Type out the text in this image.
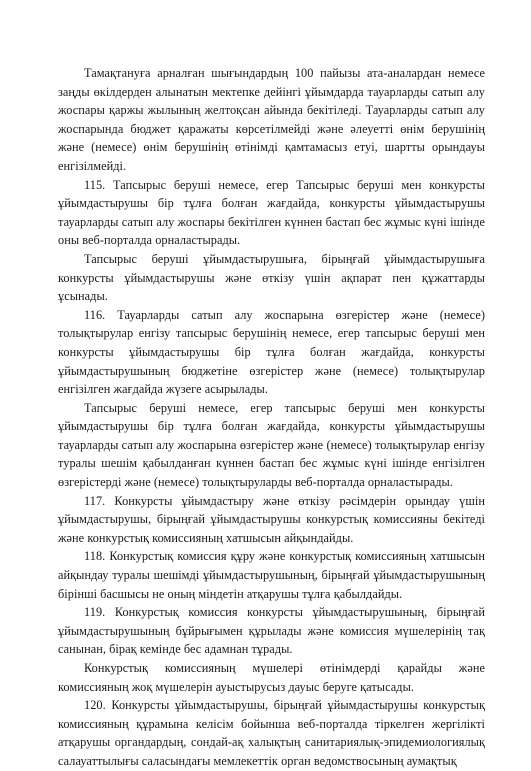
Тамақтануға арналған шығындардың 100 пайызы ата-аналардан немесе заңды өкілдерден алынатын мектепке дейінгі ұйымдарда тауарларды сатып алу жоспары қаржы жылының желтоқсан айында бекітіледі. Тауарларды сатып алу жоспарында бюджет қаражаты көрсетілмейді және әлеуетті өнім берушінің және (немесе) өнім берушінің өтінімді қамтамасыз етуі, шартты орындауы енгізілмейді.

115. Тапсырыс беруші немесе, егер Тапсырыс беруші мен конкурсты ұйымдастырушы бір тұлға болған жағдайда, конкурсты ұйымдастырушы тауарларды сатып алу жоспары бекітілген күннен бастап бес жұмыс күні ішінде оны веб-порталда орналастырады.

Тапсырыс беруші ұйымдастырушыға, бірыңғай ұйымдастырушыға конкурсты ұйымдастырушы және өткізу үшін ақпарат пен құжаттарды ұсынады.

116. Тауарларды сатып алу жоспарына өзгерістер және (немесе) толықтырулар енгізу тапсырыс берушінің немесе, егер тапсырыс беруші мен конкурсты ұйымдастырушы бір тұлға болған жағдайда, конкурсты ұйымдастырушының бюджетіне өзгерістер және (немесе) толықтырулар енгізілген жағдайда жүзеге асырылады.

Тапсырыс беруші немесе, егер тапсырыс беруші мен конкурсты ұйымдастырушы бір тұлға болған жағдайда, конкурсты ұйымдастырушы тауарларды сатып алу жоспарына өзгерістер және (немесе) толықтырулар енгізу туралы шешім қабылданған күннен бастап бес жұмыс күні ішінде енгізілген өзгерістерді және (немесе) толықтыруларды веб-порталда орналастырады.

117. Конкурсты ұйымдастыру және өткізу рәсімдерін орындау үшін ұйымдастырушы, бірыңғай ұйымдастырушы конкурстық комиссияны бекітеді және конкурстық комиссияның хатшысын айқындайды.

118. Конкурстық комиссия құру және конкурстық комиссияның хатшысын айқындау туралы шешімді ұйымдастырушының, бірыңғай ұйымдастырушының бірінші басшысы не оның міндетін атқарушы тұлға қабылдайды.

119. Конкурстық комиссия конкурсты ұйымдастырушының, бірыңғай ұйымдастырушының бұйрығымен құрылады және комиссия мүшелерінің тақ санынан, бірақ кемінде бес адамнан тұрады.

Конкурстық комиссияның мүшелері өтінімдерді қарайды және комиссияның жоқ мүшелерін ауыстырусыз дауыс беруге қатысады.

120. Конкурсты ұйымдастырушы, бірыңғай ұйымдастырушы конкурстық комиссияның құрамына келісім бойынша веб-порталда тіркелген жергілікті атқарушы органдардың, сондай-ақ халықтың санитариялық-эпидемиологиялық салауаттылығы саласындағы мемлекеттік орган ведомствосының аумақтық
